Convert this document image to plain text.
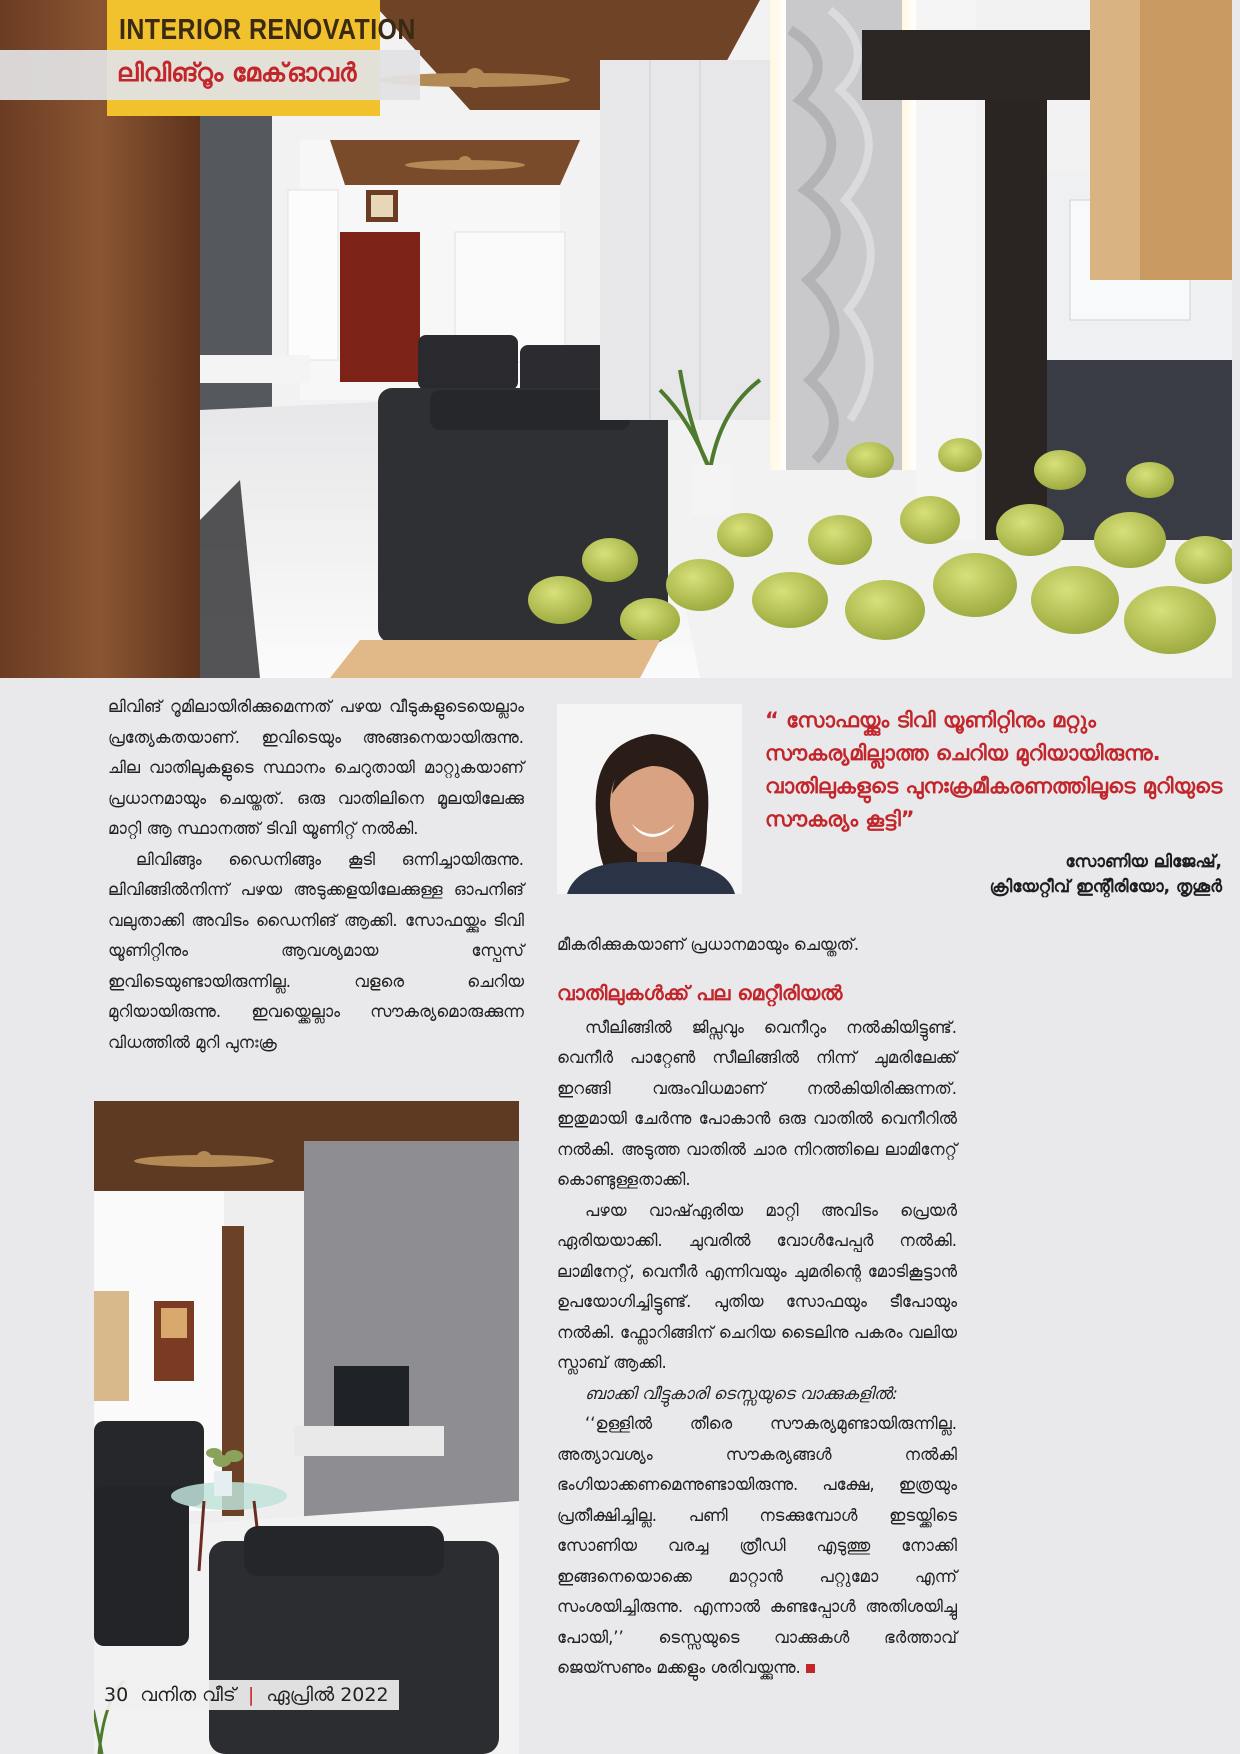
INTERIOR RENOVATION
ലിവിങ്റൂം മേക്ഓവർ

ലിവിങ് റൂമിലായിരിക്കുമെന്നത് പഴയ വീടുകളുടെയെല്ലാം പ്രത്യേകതയാണ്. ഇവിടെയും അങ്ങനെയായിരുന്നു. ചില വാതിലുകളുടെ സ്ഥാനം ചെറുതായി മാറ്റുകയാണ് പ്രധാനമായും ചെയ്തത്. ഒരു വാതിലിനെ മൂലയിലേക്കു മാറ്റി ആ സ്ഥാനത്ത് ടിവി യൂണിറ്റ് നൽകി.

ലിവിങ്ങും ഡൈനിങ്ങും കൂടി ഒന്നിച്ചായിരുന്നു. ലിവിങ്ങിൽനിന്ന് പഴയ അടുക്കളയിലേക്കുള്ള ഓപനിങ് വലുതാക്കി അവിടം ഡൈനിങ് ആക്കി. സോഫയ്ക്കും ടിവി യൂണിറ്റിനും ആവശ്യമായ സ്പേസ് ഇവിടെയുണ്ടായിരുന്നില്ല. വളരെ ചെറിയ മുറിയായിരുന്നു. ഇവയ്ക്കെല്ലാം സൗകര്യമൊരുക്കുന്ന വിധത്തിൽ മുറി പുനഃക്ര

“ സോഫയ്ക്കും ടിവി യൂണിറ്റിനും മറ്റും സൗകര്യമില്ലാത്ത ചെറിയ മുറിയായിരുന്നു. വാതിലുകളുടെ പുനഃക്രമീകരണത്തിലൂടെ മുറിയുടെ സൗകര്യം കൂട്ടി”
സോണിയ ലിജേഷ്,
ക്രിയേറ്റീവ് ഇന്റീരിയോ, തൃശൂർ

മീകരിക്കുകയാണ് പ്രധാനമായും ചെയ്തത്.

വാതിലുകൾക്ക് പല മെറ്റീരിയൽ

സീലിങ്ങിൽ ജിപ്സവും വെനീറും നൽകിയിട്ടുണ്ട്. വെനീർ പാറ്റേൺ സീലിങ്ങിൽ നിന്ന് ചുമരിലേക്ക് ഇറങ്ങി വരുംവിധമാണ് നൽകിയിരിക്കുന്നത്. ഇതുമായി ചേർന്നു പോകാൻ ഒരു വാതിൽ വെനീറിൽ നൽകി. അടുത്ത വാതിൽ ചാര നിറത്തിലെ ലാമിനേറ്റ് കൊണ്ടുള്ളതാക്കി.

പഴയ വാഷ്ഏരിയ മാറ്റി അവിടം പ്രെയർ ഏരിയയാക്കി. ചുവരിൽ വോൾപേപ്പർ നൽകി. ലാമിനേറ്റ്, വെനീർ എന്നിവയും ചുമരിന്റെ മോടികൂട്ടാൻ ഉപയോഗിച്ചിട്ടുണ്ട്. പുതിയ സോഫയും ടീപോയും നൽകി. ഫ്ലോറിങ്ങിന് ചെറിയ ടൈലിനു പകരം വലിയ സ്ലാബ് ആക്കി.

ബാക്കി വീട്ടുകാരി ടെസ്സയുടെ വാക്കുകളിൽ:

‘‘ഉള്ളിൽ തീരെ സൗകര്യമുണ്ടായിരുന്നില്ല. അത്യാവശ്യം സൗകര്യങ്ങൾ നൽകി ഭംഗിയാക്കണമെന്നുണ്ടായിരുന്നു. പക്ഷേ, ഇത്രയും പ്രതീക്ഷിച്ചില്ല. പണി നടക്കുമ്പോൾ ഇടയ്ക്കിടെ സോണിയ വരച്ച ത്രീഡി എടുത്തു നോക്കി ഇങ്ങനെയൊക്കെ മാറ്റാൻ പറ്റുമോ എന്ന് സംശയിച്ചിരുന്നു. എന്നാൽ കണ്ടപ്പോൾ അതിശയിച്ചു പോയി,’’ ടെസ്സയുടെ വാക്കുകൾ ഭർത്താവ് ജെയ്സണും മക്കളും ശരിവയ്ക്കുന്നു.

30 വനിത വീട് | ഏപ്രിൽ 2022
